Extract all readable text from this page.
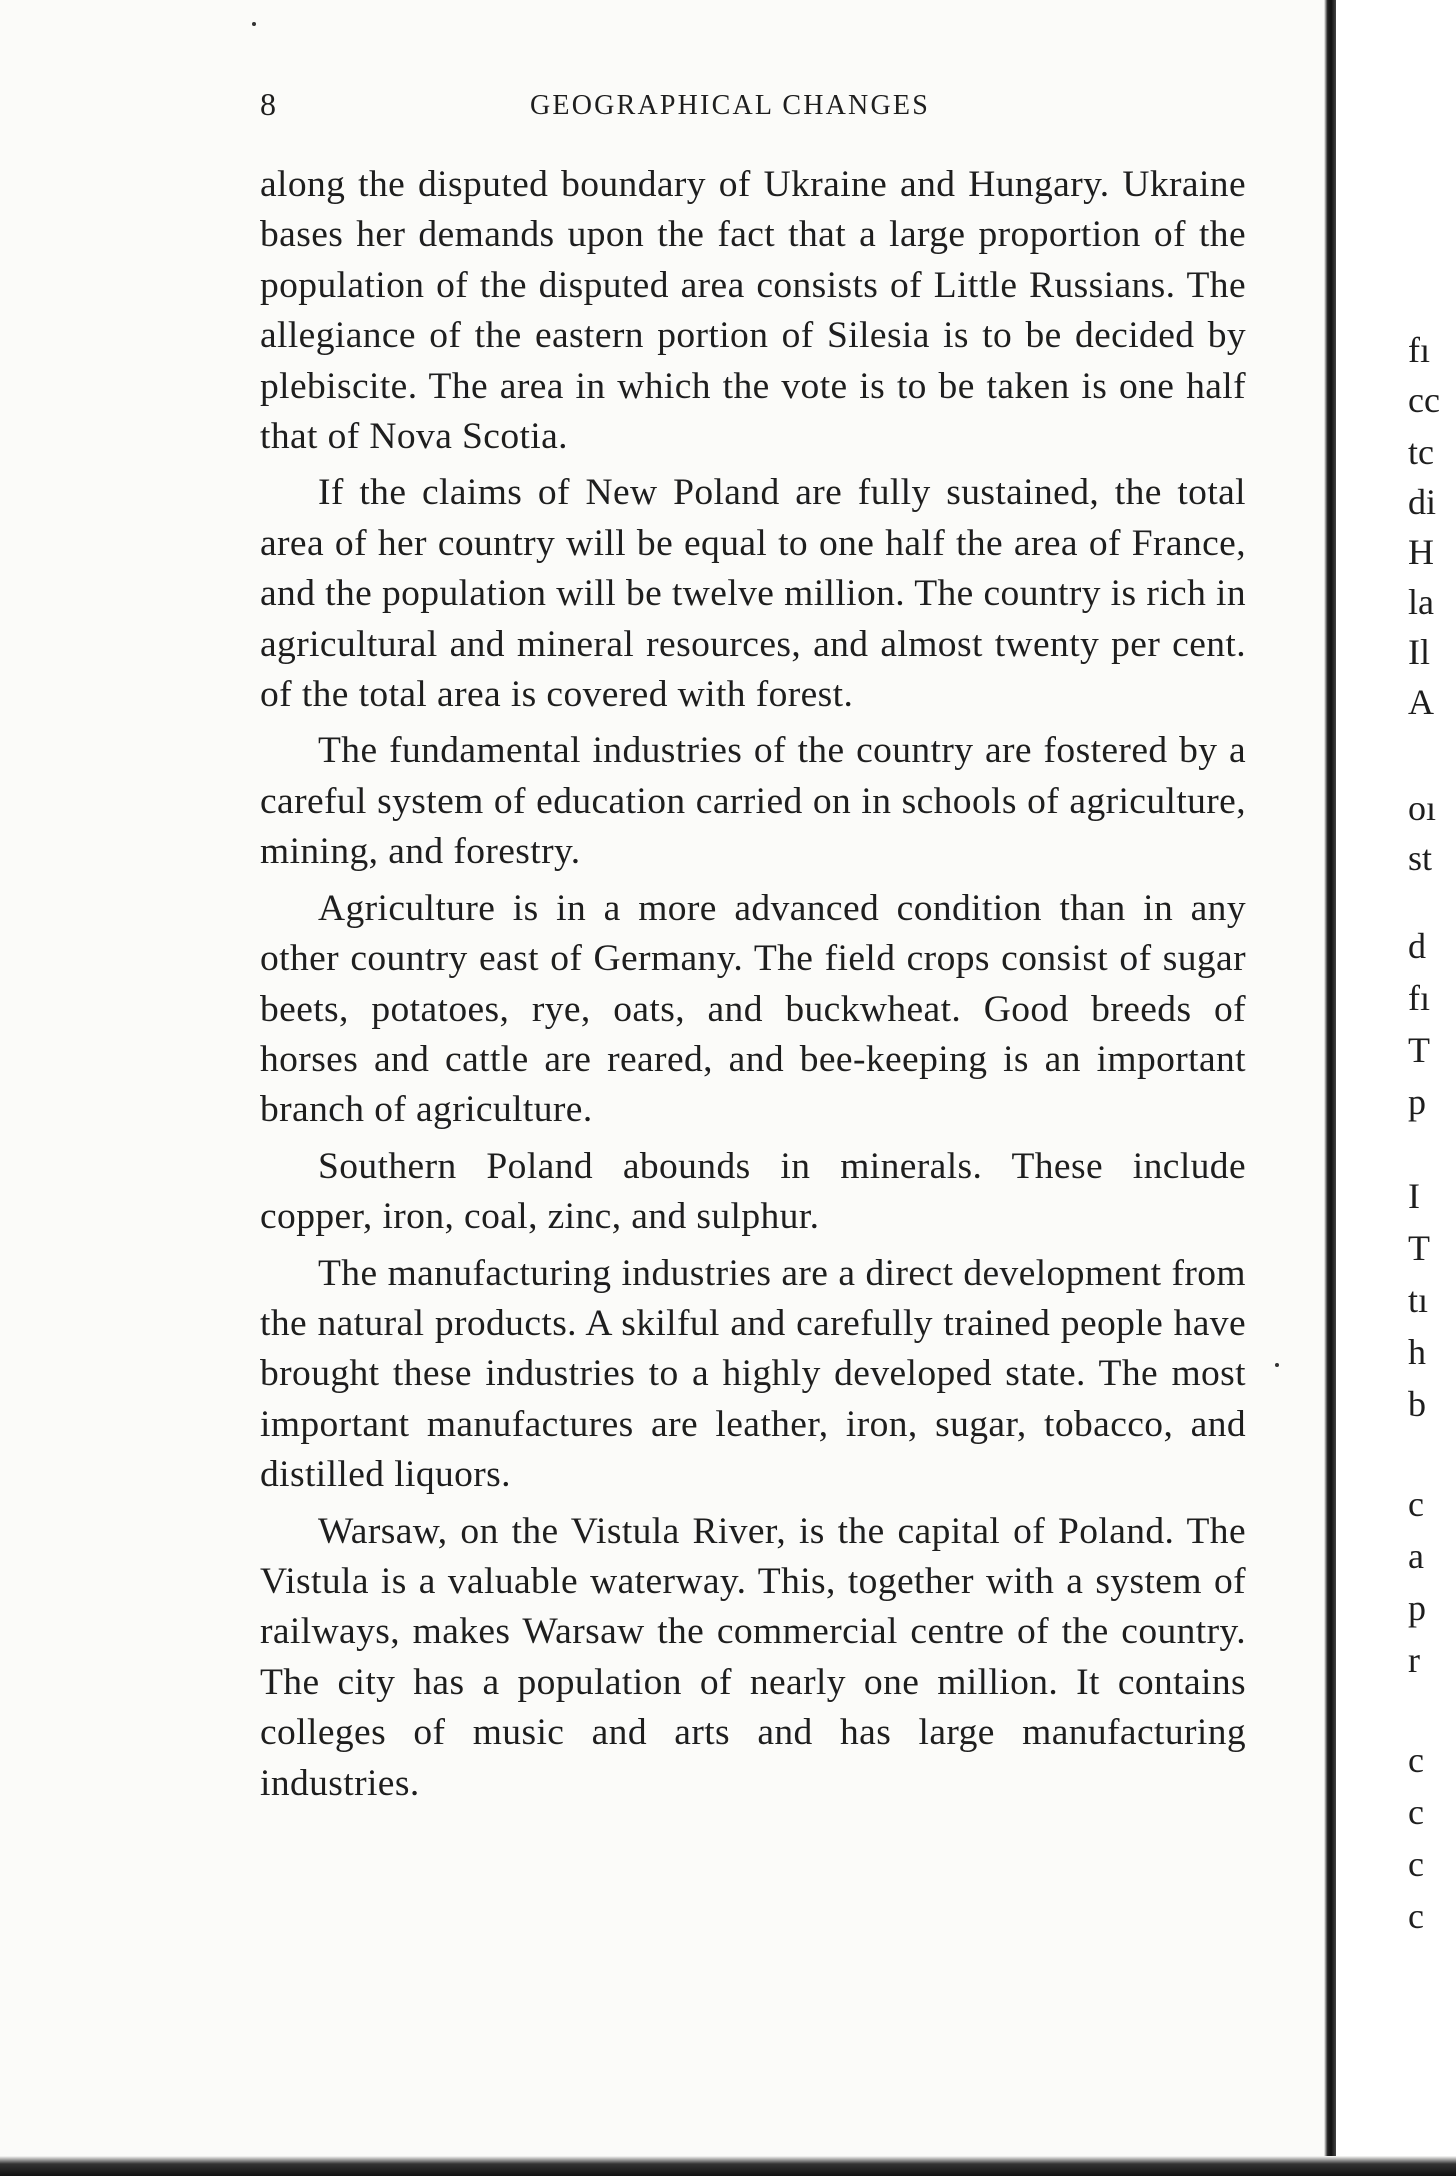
8	GEOGRAPHICAL CHANGES

along the disputed boundary of Ukraine and Hungary. Ukraine bases her demands upon the fact that a large proportion of the population of the disputed area consists of Little Russians. The allegiance of the eastern portion of Silesia is to be decided by plebiscite. The area in which the vote is to be taken is one half that of Nova Scotia.

If the claims of New Poland are fully sustained, the total area of her country will be equal to one half the area of France, and the population will be twelve million. The country is rich in agricultural and mineral resources, and almost twenty per cent. of the total area is covered with forest.

The fundamental industries of the country are fostered by a careful system of education carried on in schools of agriculture, mining, and forestry.

Agriculture is in a more advanced condition than in any other country east of Germany. The field crops consist of sugar beets, potatoes, rye, oats, and buckwheat. Good breeds of horses and cattle are reared, and bee-keeping is an important branch of agriculture.

Southern Poland abounds in minerals. These include copper, iron, coal, zinc, and sulphur.

The manufacturing industries are a direct development from the natural products. A skilful and carefully trained people have brought these industries to a highly developed state. The most important manufactures are leather, iron, sugar, tobacco, and distilled liquors.

Warsaw, on the Vistula River, is the capital of Poland. The Vistula is a valuable waterway. This, together with a system of railways, makes Warsaw the commercial centre of the country. The city has a population of nearly one million. It contains colleges of music and arts and has large manufacturing industries.

fı
cc
tc
di
H
la
Il
A
oı
st
d
fı
T
p
I
T
tı
h
b
c
a
p
r
c
c
c
c
